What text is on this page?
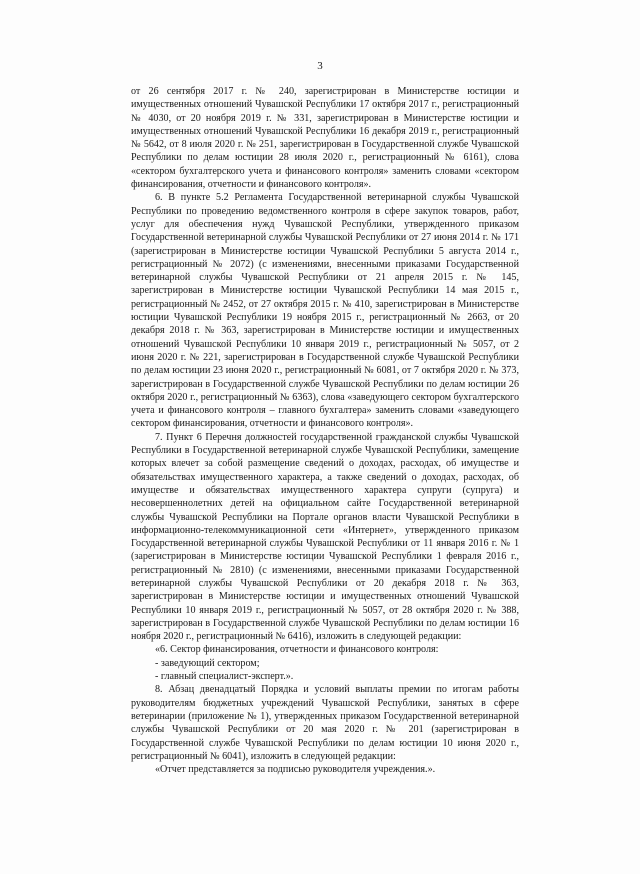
3

от 26 сентября 2017 г. № 240, зарегистрирован в Министерстве юстиции и имущественных отношений Чувашской Республики 17 октября 2017 г., регистрационный № 4030, от 20 ноября 2019 г. № 331, зарегистрирован в Министерстве юстиции и имущественных отношений Чувашской Республики 16 декабря 2019 г., регистрационный № 5642, от 8 июля 2020 г. № 251, зарегистрирован в Государственной службе Чувашской Республики по делам юстиции 28 июля 2020 г., регистрационный № 6161), слова «сектором бухгалтерского учета и финансового контроля» заменить словами «сектором финансирования, отчетности и финансового контроля».

6. В пункте 5.2 Регламента Государственной ветеринарной службы Чувашской Республики по проведению ведомственного контроля в сфере закупок товаров, работ, услуг для обеспечения нужд Чувашской Республики, утвержденного приказом Государственной ветеринарной службы Чувашской Республики от 27 июня 2014 г. № 171 (зарегистрирован в Министерстве юстиции Чувашской Республики 5 августа 2014 г., регистрационный № 2072) (с изменениями, внесенными приказами Государственной ветеринарной службы Чувашской Республики от 21 апреля 2015 г. № 145, зарегистрирован в Министерстве юстиции Чувашской Республики 14 мая 2015 г., регистрационный № 2452, от 27 октября 2015 г. № 410, зарегистрирован в Министерстве юстиции Чувашской Республики 19 ноября 2015 г., регистрационный № 2663, от 20 декабря 2018 г. № 363, зарегистрирован в Министерстве юстиции и имущественных отношений Чувашской Республики 10 января 2019 г., регистрационный № 5057, от 2 июня 2020 г. № 221, зарегистрирован в Государственной службе Чувашской Республики по делам юстиции 23 июня 2020 г., регистрационный № 6081, от 7 октября 2020 г. № 373, зарегистрирован в Государственной службе Чувашской Республики по делам юстиции 26 октября 2020 г., регистрационный № 6363), слова «заведующего сектором бухгалтерского учета и финансового контроля – главного бухгалтера» заменить словами «заведующего сектором финансирования, отчетности и финансового контроля».

7. Пункт 6 Перечня должностей государственной гражданской службы Чувашской Республики в Государственной ветеринарной службе Чувашской Республики, замещение которых влечет за собой размещение сведений о доходах, расходах, об имуществе и обязательствах имущественного характера, а также сведений о доходах, расходах, об имуществе и обязательствах имущественного характера супруги (супруга) и несовершеннолетних детей на официальном сайте Государственной ветеринарной службы Чувашской Республики на Портале органов власти Чувашской Республики в информационно-телекоммуникационной сети «Интернет», утвержденного приказом Государственной ветеринарной службы Чувашской Республики от 11 января 2016 г. № 1 (зарегистрирован в Министерстве юстиции Чувашской Республики 1 февраля 2016 г., регистрационный № 2810) (с изменениями, внесенными приказами Государственной ветеринарной службы Чувашской Республики от 20 декабря 2018 г. № 363, зарегистрирован в Министерстве юстиции и имущественных отношений Чувашской Республики 10 января 2019 г., регистрационный № 5057, от 28 октября 2020 г. № 388, зарегистрирован в Государственной службе Чувашской Республики по делам юстиции 16 ноября 2020 г., регистрационный № 6416), изложить в следующей редакции:

«6. Сектор финансирования, отчетности и финансового контроля:

- заведующий сектором;

- главный специалист-эксперт.».

8. Абзац двенадцатый Порядка и условий выплаты премии по итогам работы руководителям бюджетных учреждений Чувашской Республики, занятых в сфере ветеринарии (приложение № 1), утвержденных приказом Государственной ветеринарной службы Чувашской Республики от 20 мая 2020 г. № 201 (зарегистрирован в Государственной службе Чувашской Республики по делам юстиции 10 июня 2020 г., регистрационный № 6041), изложить в следующей редакции:

«Отчет представляется за подписью руководителя учреждения.».
